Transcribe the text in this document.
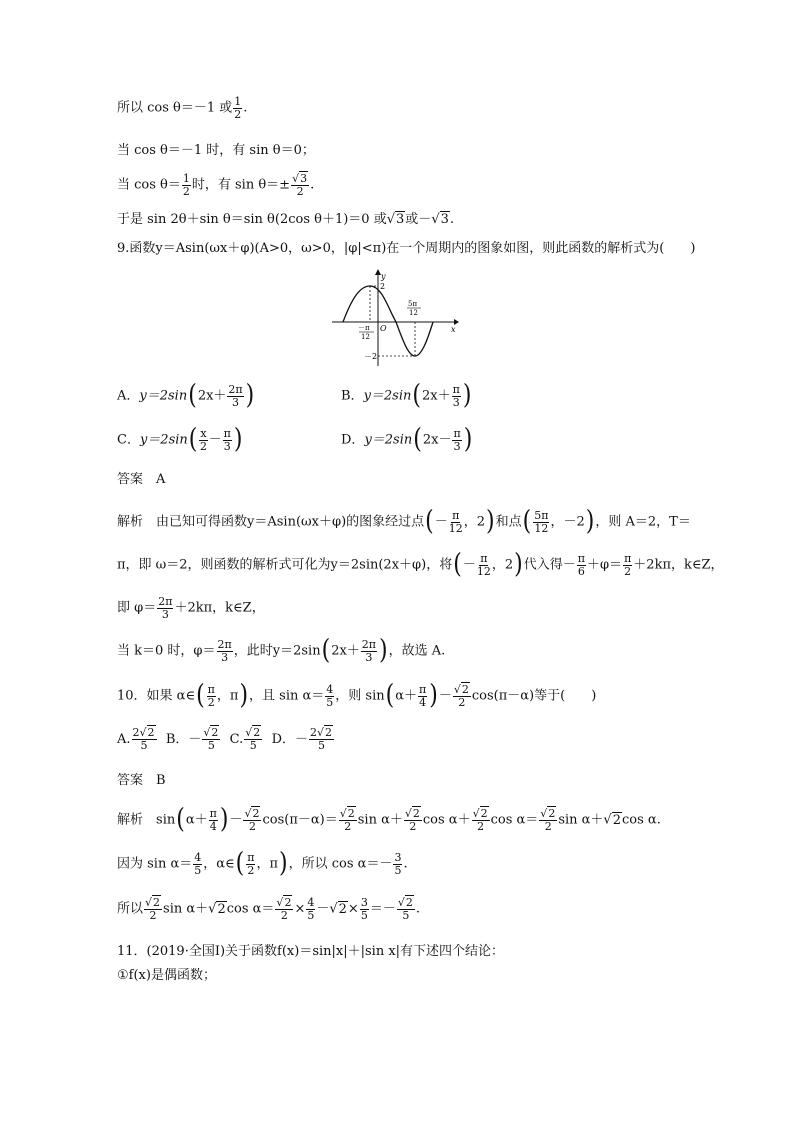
所以 cos θ＝－1 或 $\frac{1}{2}$ .
当 cos θ＝－1 时，有 sin θ＝0；
当 $\cos \theta= \frac{1}{2}$ 时，有 $\sin \theta=\pm \frac{√3}{2}$ .
于是 sin 2θ＋sin θ＝sin θ(2cos θ＋1)＝0 或√3或－√3.
9.函数y＝Asin(ωx＋φ)(A>0，ω>0，|φ|<π)在一个周期内的图象如图，则此函数的解析式为(　　)
y
x
2
－2
O
－π
12
5π
12
A．$y=2\sin(2x+ \frac{2\pi}{3}$ )	B．$y=2\sin(2x+ \frac{\pi}{3}$ )
C．$y=2\sin( \frac{x}{2} - \frac{\pi}{3}$ )	D．$y=2\sin(2x- \frac{\pi}{3}$ )
答案　A
解析　 由已知可得函数y＝Asin(ωx＋φ)的图象经过点(－ $\frac{\pi}{12}$ ，2)和点( $\frac{5\pi}{12}$ ，－2)，则 A＝2，T＝
π，即 ω＝2，则函数的解析式可化为y＝2sin(2x＋φ)，将(－ $\frac{\pi}{12}$ ，2)代入得－ $\frac{\pi}{6} +\varphi= \frac{\pi}{2} +2k\pi$，k∈Z，
即 $\varphi= \frac{2\pi}{3} +2k\pi$，k∈Z，
当 k＝0 时，$\varphi= \frac{2\pi}{3}$ ，此时$y=2\sin(2x+ \frac{2\pi}{3}$ )，故选 A.
10．如果 α∈( $\frac{\pi}{2}$ ，π)，且 $\sin \alpha= \frac{4}{5}$ ，则 $\sin(\alpha+ \frac{\pi}{4}$ )－ $\frac{√2}{2} \cos(\pi-\alpha)$等于(　　)
A. $\frac{2√2}{5}$ B．－ $\frac{√2}{5} C$. $\frac{√2}{5}$ D．－ $\frac{2√2}{5}$
答案　B
解析　 $\sin(\alpha+ \frac{\pi}{4}$ )－ $\frac{√2}{2} \cos(\pi-\alpha)= \frac{√2}{2}$ $\sin \alpha+ \frac{√2}{2}$ $\cos \alpha+ \frac{√2}{2}$ $\cos \alpha= \frac{√2}{2}$ sin α＋√2cos α.
因为 $\sin \alpha= \frac{4}{5}$ ，α∈( $\frac{\pi}{2}$ ，π)，所以 $\cos \alpha=- \frac{3}{5}$ .
所以 $\frac{√2}{2}$ sin α＋√2cos $\alpha= \frac{√2}{2} \times \frac{4}{5} -√2\times \frac{3}{5} =- \frac{√2}{5}$ .
11．(2019·全国Ⅰ)关于函数f(x)＝sin|x|＋|sin x|有下述四个结论：
①f(x)是偶函数；
